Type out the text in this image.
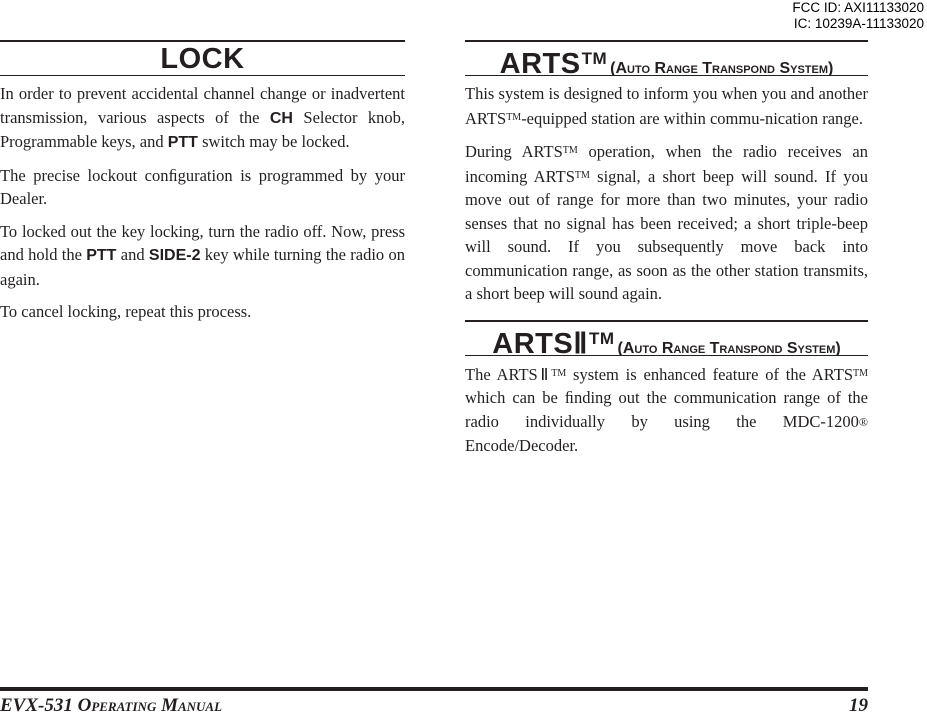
FCC ID: AXI11133020
IC: 10239A-11133020
LOCK

In order to prevent accidental channel change or inadvertent transmission, various aspects of the CH Selector knob, Programmable keys, and PTT switch may be locked.

The precise lockout conﬁguration is programmed by your Dealer.

To locked out the key locking, turn the radio off. Now, press and hold the PTT and SIDE-2 key while turning the radio on again.

To cancel locking, repeat this process.

ARTS™(Auto Range Transpond System)

This system is designed to inform you when you and another ARTS™-equipped station are within commu-nication range.

During ARTS™ operation, when the radio receives an incoming ARTS™ signal, a short beep will sound. If you move out of range for more than two minutes, your radio senses that no signal has been received; a short triple-beep will sound. If you subsequently move back into communication range, as soon as the other station transmits, a short beep will sound again.

ARTSⅡ™(Auto Range Transpond System)

The ARTSⅡ™ system is enhanced feature of the ARTS™ which can be ﬁnding out the communication range of the radio individually by using the MDC-1200® Encode/Decoder.

EVX-531 Operating Manual	19
